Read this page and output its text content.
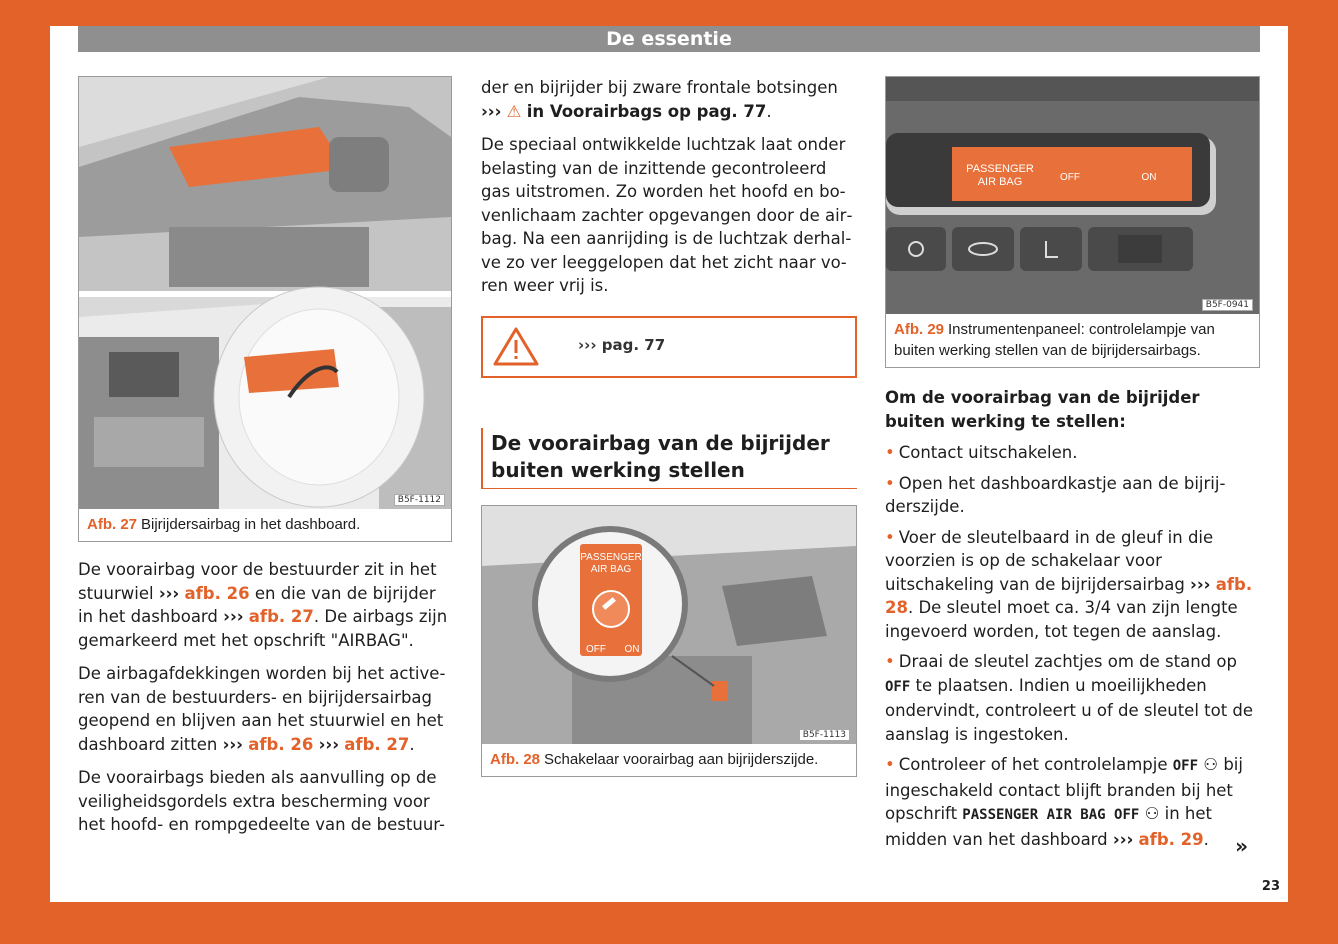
De essentie
B5F-1112
Afb. 27 Bijrijdersairbag in het dashboard.

De voorairbag voor de bestuurder zit in het stuurwiel ››› afb. 26 en die van de bijrijder in het dashboard ››› afb. 27. De airbags zijn gemarkeerd met het opschrift "AIRBAG".

De airbagafdekkingen worden bij het activeren van de bestuurders- en bijrijdersairbag geopend en blijven aan het stuurwiel en het dashboard zitten ››› afb. 26 ››› afb. 27.

De voorairbags bieden als aanvulling op de veiligheidsgordels extra bescherming voor het hoofd- en rompgedeelte van de bestuur-

der en bijrijder bij zware frontale botsingen
››› ⚠ in Voorairbags op pag. 77.

De speciaal ontwikkelde luchtzak laat onder belasting van de inzittende gecontroleerd gas uitstromen. Zo worden het hoofd en bovenlichaam zachter opgevangen door de airbag. Na een aanrijding is de luchtzak derhalve zo ver leeggelopen dat het zicht naar voren weer vrij is.

››› pag. 77
De voorairbag van de bijrijder buiten werking stellen
PASSENGER
AIR BAG
OFF ON
B5F-1113
Afb. 28 Schakelaar voorairbag aan bijrijderszijde.
PASSENGER
AIR BAG	OFF	ON
B5F-0941
Afb. 29 Instrumentenpaneel: controlelampje van buiten werking stellen van de bijrijdersairbags.
Om de voorairbag van de bijrijder buiten werking te stellen:
• Contact uitschakelen.
• Open het dashboardkastje aan de bijrijderszijde.
• Voer de sleutelbaard in de gleuf in die voorzien is op de schakelaar voor uitschakeling van de bijrijdersairbag ››› afb. 28. De sleutel moet ca. 3/4 van zijn lengte ingevoerd worden, tot tegen de aanslag.
• Draai de sleutel zachtjes om de stand op OFF te plaatsen. Indien u moeilijkheden ondervindt, controleert u of de sleutel tot de aanslag is ingestoken.
• Controleer of het controlelampje OFF ⚇ bij ingeschakeld contact blijft branden bij het opschrift PASSENGER AIR BAG OFF ⚇ in het midden van het dashboard ››› afb. 29.	»
23
